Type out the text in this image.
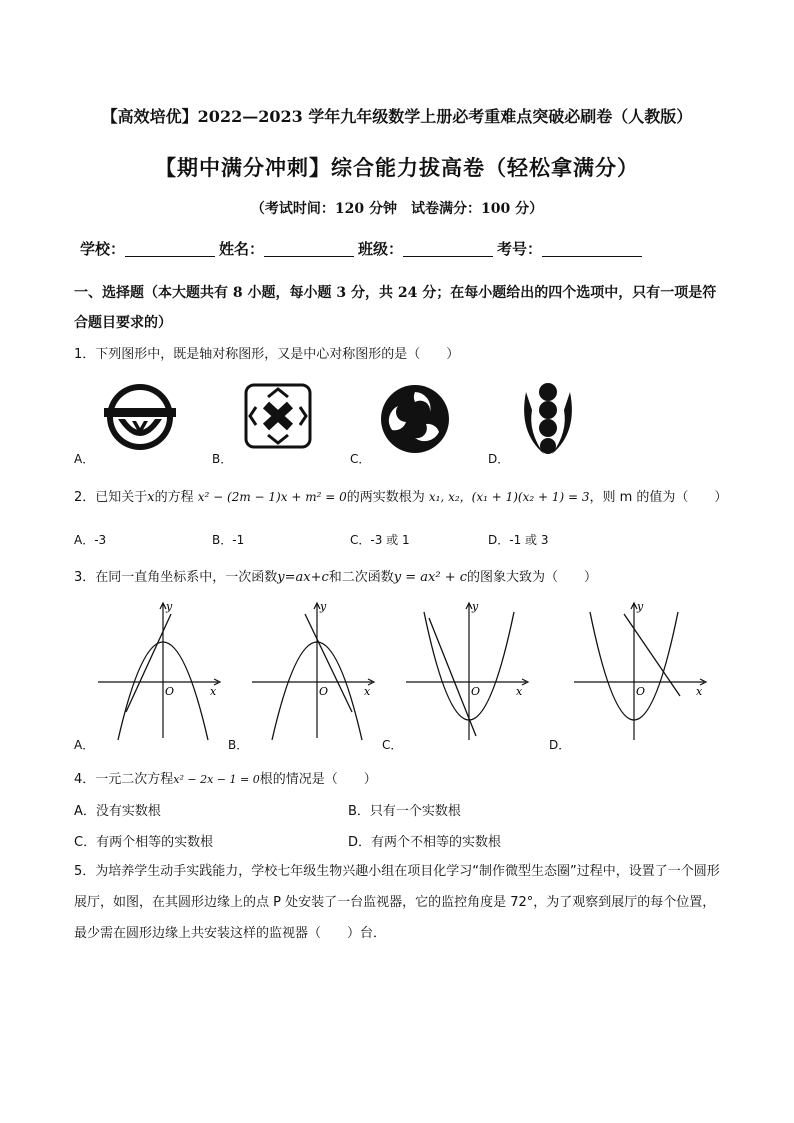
【高效培优】2022—2023 学年九年级数学上册必考重难点突破必刷卷（人教版）
【期中满分冲刺】综合能力拔高卷（轻松拿满分）
（考试时间：120 分钟　试卷满分：100 分）
学校：	姓名：	班级：	考号：
一、选择题（本大题共有 8 小题，每小题 3 分，共 24 分；在每小题给出的四个选项中，只有一项是符合题目要求的）
1．下列图形中，既是轴对称图形，又是中心对称图形的是（　　）
A．	B．	C．	D．
2．已知关于x的方程 x² − (2m − 1)x + m² = 0的两实数根为 x₁, x₂，(x₁ + 1)(x₂ + 1) = 3，则 m 的值为（　　）
A．-3	B．-1	C．-3 或 1	D．-1 或 3
3．在同一直角坐标系中，一次函数y=ax+c和二次函数y = ax² + c的图象大致为（　　）
y
x
O
y
x
O
y
x
O
y
x
O
A．	B．	C．	D．
4．一元二次方程x² − 2x − 1 = 0根的情况是（　　）
A．没有实数根	B．只有一个实数根
C．有两个相等的实数根	D．有两个不相等的实数根
5．为培养学生动手实践能力，学校七年级生物兴趣小组在项目化学习“制作微型生态圈”过程中，设置了一个圆形展厅，如图，在其圆形边缘上的点 P 处安装了一台监视器，它的监控角度是 72°，为了观察到展厅的每个位置，最少需在圆形边缘上共安装这样的监视器（　　）台．
